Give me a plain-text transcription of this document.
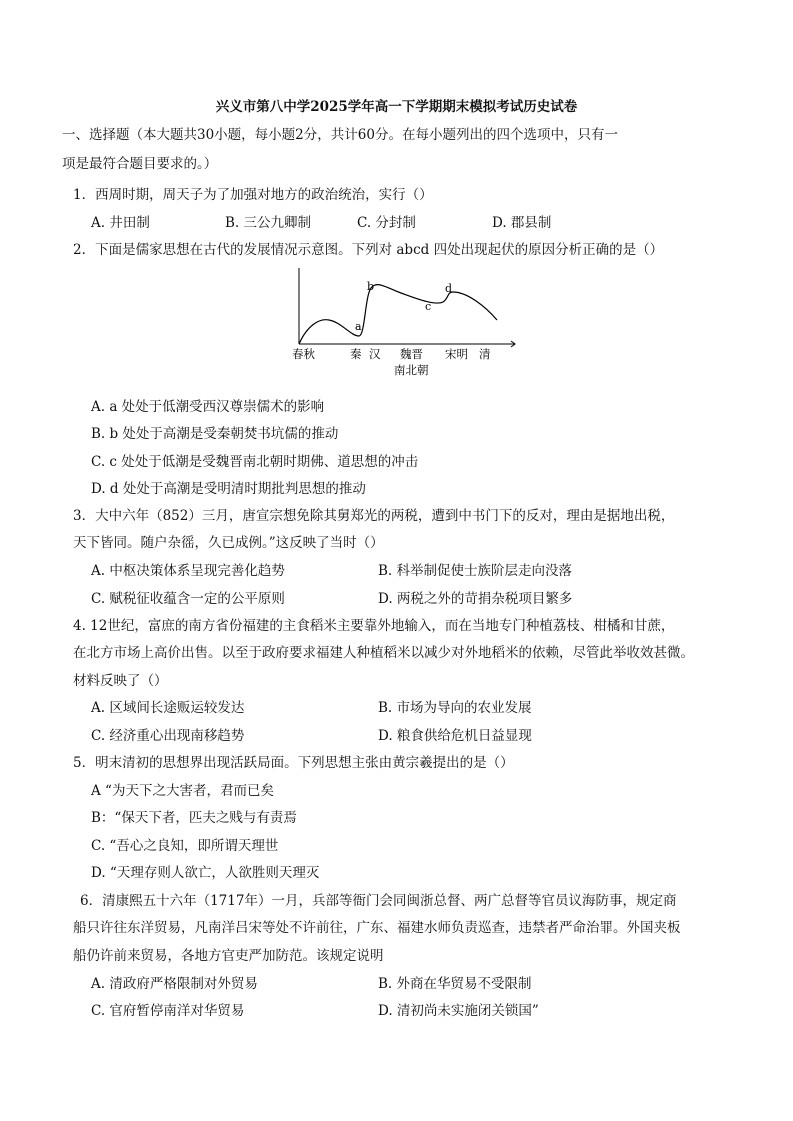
兴义市第八中学2025学年高一下学期期末模拟考试历史试卷
一、选择题（本大题共30小题，每小题2分，共计60分。在每小题列出的四个选项中，只有一
项是最符合题目要求的。）
1．西周时期，周天子为了加强对地方的政治统治，实行（）
A. 井田制	B. 三公九卿制	C. 分封制	D. 郡县制
2．下面是儒家思想在古代的发展情况示意图。下列对 abcd 四处出现起伏的原因分析正确的是（）
a
b
c
d
春秋	秦 汉 魏晋 宋明 清
南北朝
A. a 处处于低潮受西汉尊崇儒术的影响
B. b 处处于高潮是受秦朝焚书坑儒的推动
C. c 处处于低潮是受魏晋南北朝时期佛、道思想的冲击
D. d 处处于高潮是受明清时期批判思想的推动
3．大中六年（852）三月，唐宣宗想免除其舅郑光的两税，遭到中书门下的反对，理由是据地出税，
天下皆同。随户杂徭，久已成例。”这反映了当时（）
A. 中枢决策体系呈现完善化趋势	B. 科举制促使士族阶层走向没落
C. 赋税征收蕴含一定的公平原则	D. 两税之外的苛捐杂税项目繁多
4. 12世纪，富庶的南方省份福建的主食稻米主要靠外地输入，而在当地专门种植荔枝、柑橘和甘蔗，
在北方市场上高价出售。以至于政府要求福建人种植稻米以减少对外地稻米的依赖，尽管此举收效甚微。
材料反映了（）
A. 区域间长途贩运较发达	B. 市场为导向的农业发展
C. 经济重心出现南移趋势	D. 粮食供给危机日益显现
5．明末清初的思想界出现活跃局面。下列思想主张由黄宗羲提出的是（）
A “为天下之大害者，君而已矣
B：“保天下者，匹夫之贱与有责焉
C. “吾心之良知，即所谓天理世
D. “天理存则人欲亡，人欲胜则天理灭
6．清康熙五十六年（1717年）一月，兵部等衙门会同闽浙总督、两广总督等官员议海防事，规定商
船只许往东洋贸易，凡南洋吕宋等处不许前往，广东、福建水师负责巡查，违禁者严命治罪。外国夹板
船仍许前来贸易，各地方官吏严加防范。该规定说明
A. 清政府严格限制对外贸易	B. 外商在华贸易不受限制
C. 官府暂停南洋对华贸易	D. 清初尚未实施闭关锁国”
